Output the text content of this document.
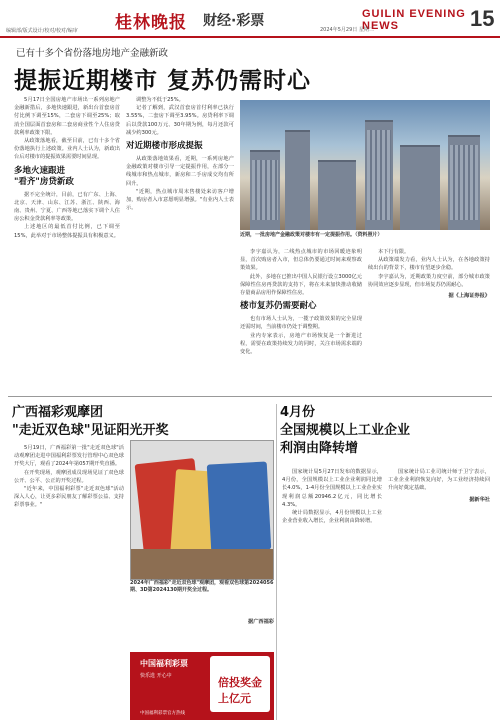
桂林晚报 财经·彩票	GUILIN EVENING NEWS
2024年5月29日 星期二	15
编辑部/版式设计/校对/校对/编审
已有十多个省份落地房地产金融新政
提振近期楼市 复苏仍需时心

5月17日全国房地产市场出一系列房地产金融新措后，多地快速跟进，新出台首套房首付比例下调至15%，二套房下调至25%；取消全国层面首套房和二套房商业性个人住房贷款利率政策下限。

从政策落地看，截至目前，已有十多个省份落地执行上述政策。业内人士认为，新政出台后对楼市的提振效果需要时间显现。

多地火速跟进
"看齐"房贷新政

据不完全统计，目前，已有广东、上海、北京、天津、山东、江苏、浙江、陕西、海南、贵州、宁夏、广西等地已落实下调个人住房公积金贷款利率等政策。

上述地区的最低首付比例，已下调至15%，此举对于市场整体提振具有积极意义。

调整为不低于25%。

记者了解到，武汉首套房首付利率已执行3.55%，二套房下调至3.95%。房贷利率下调后以贷款100万元、30年期为例，每月还款可减少约300元。

对近期楼市形成提振

从政策落地效果看，近期，一系列房地产金融政策对楼市引导一定提振作用，在部分一线城市和热点城市，新房和二手房成交均有所回升。

"近期，热点城市周末售楼处来访客户增加，购房者入市意愿明显增强。"有业内人士表示。

近期，一批房地产金融政策对楼市有一定提振作用。（资料照片）

李宇嘉认为，二线热点城市的市场回暖迹象明显，首次购房者入市，但总体仍要通过时间来观察政策效果。

此外，多地在已推出中国人民银行设立3000亿元保障性住房再贷款的支持下，将在未来加快推动收储存量商品房用作保障性住房。

楼市复苏仍需要耐心

也有市场人士认为，一揽子政策效果的完全显现还需时间，当前楼市仍处于调整期。

业内专家表示，房地产市场恢复是一个渐进过程，需要在政策持续发力的同时，关注市场需求端的变化。

本下行有限。

从政策端发力看，业内人士认为，在各地政策持续出台的背景下，楼市有望逐步企稳。

李宇嘉认为，近期政策力度空前，部分城市政策协同效应逐步显现，但市场复苏仍需耐心。

据《上海证券报》

广西福彩观摩团
"走近双色球"见证阳光开奖

5月19日，广西福彩第一批"走近双色球"活动观摩团走进中国福利彩票发行管理中心双色球开奖大厅，观看了2024年第057期开奖直播。

在开奖现场，观摩团成员现场见证了双色球公开、公平、公正的开奖过程。

"近年来，中国福利彩票"走近双色球"活动深入人心，让更多彩民朋友了解彩票公益、支持彩票事业。"

2024年广西福彩"走近双色球"观摩团，观看双色球第2024056期、3D第2024130期开奖全过程。
据广西福彩
中国福利彩票
快乐选 开心中	倍投奖金
上亿元
中国福利彩票官方热线
4月份
全国规模以上工业企业
利润由降转增

国家统计局5月27日发布的数据显示，4月份，全国规模以上工业企业利润同比增长4.0%，1-4月份全国规模以上工业企业实现利润总额20946.2亿元，同比增长4.3%。

统计局数据显示，4月份规模以上工业企业营业收入增长，企业利润由降转增。

国家统计局工业司统计师于卫宁表示，工业企业利润恢复向好，为工业经济持续回升向好奠定基础。

据新华社
